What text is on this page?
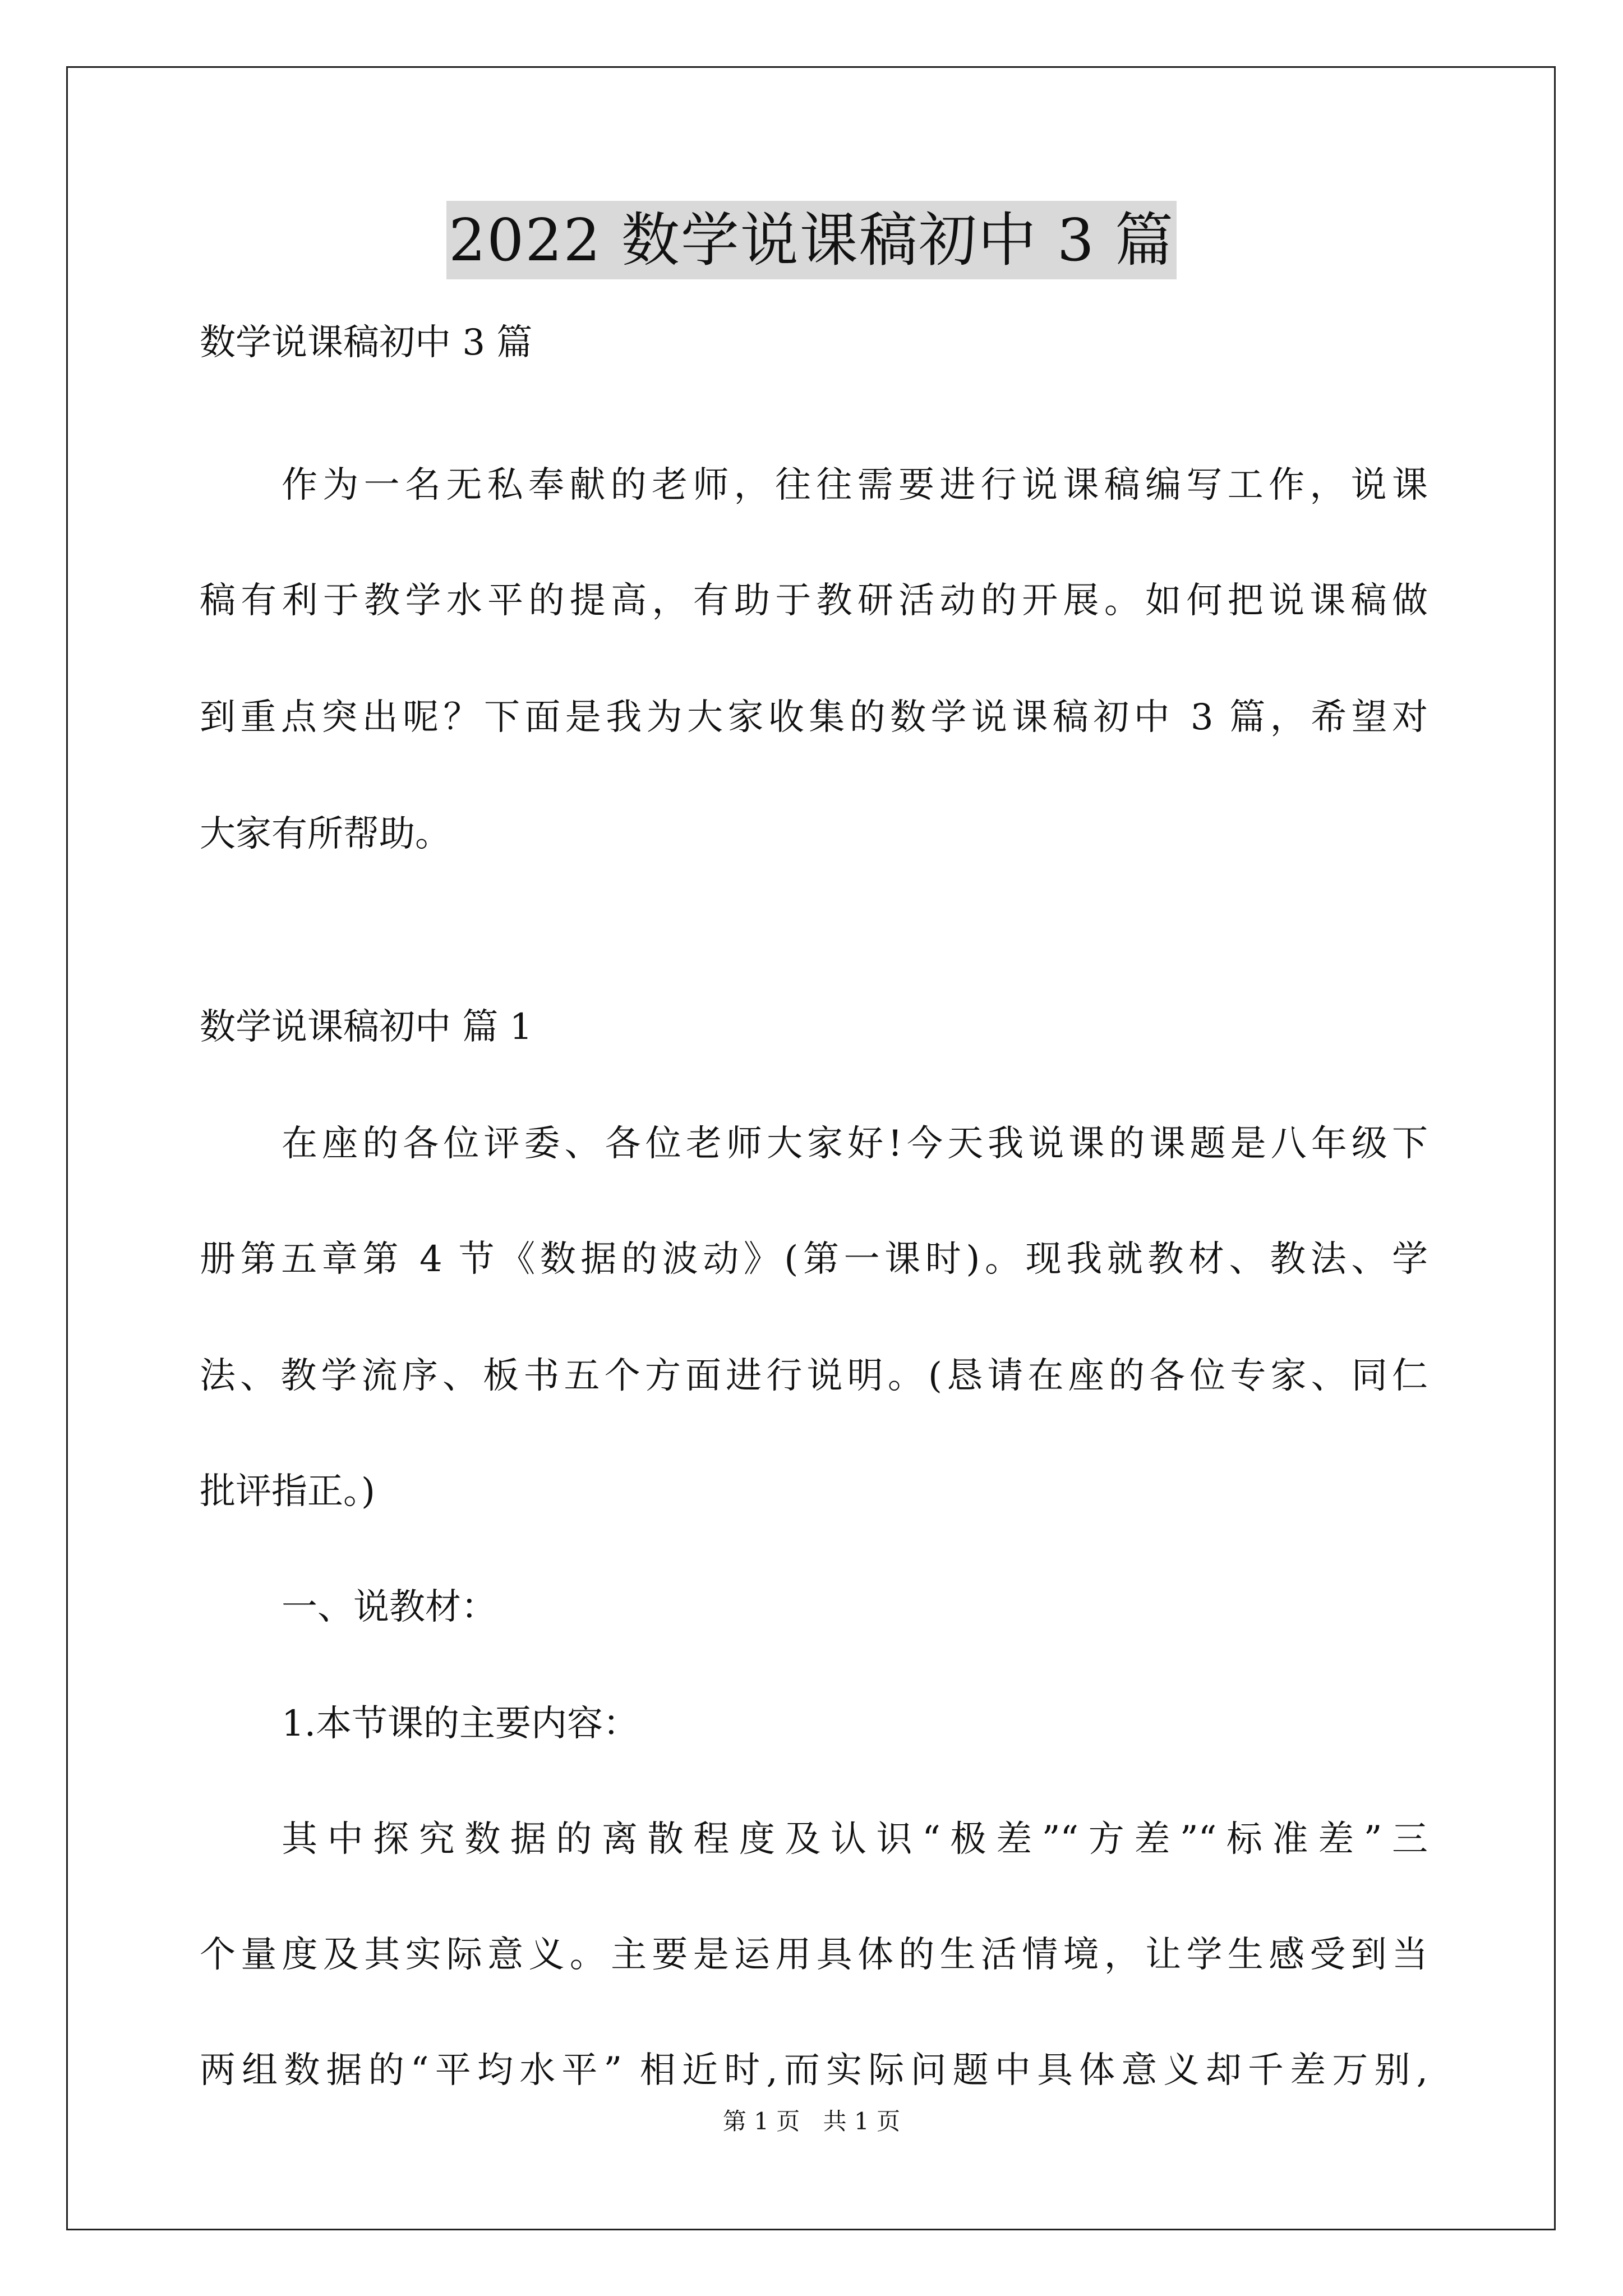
2022 数学说课稿初中 3 篇
数学说课稿初中 3 篇
作为一名无私奉献的老师，往往需要进行说课稿编写工作，说课
稿有利于教学水平的提高，有助于教研活动的开展。如何把说课稿做
到重点突出呢？下面是我为大家收集的数学说课稿初中 3 篇，希望对
大家有所帮助。
数学说课稿初中 篇 1
在座的各位评委、各位老师大家好!今天我说课的课题是八年级下
册第五章第 4 节《数据的波动》(第一课时)。现我就教材、教法、学
法、教学流序、板书五个方面进行说明。(恳请在座的各位专家、同仁
批评指正。)
一、说教材：
1.本节课的主要内容：
其中探究数据的离散程度及认识“极差”“方差”“标准差”三
个量度及其实际意义。主要是运用具体的生活情境，让学生感受到当
两组数据的“平均水平” 相近时,而实际问题中具体意义却千差万别,
第 1 页 共 1 页
